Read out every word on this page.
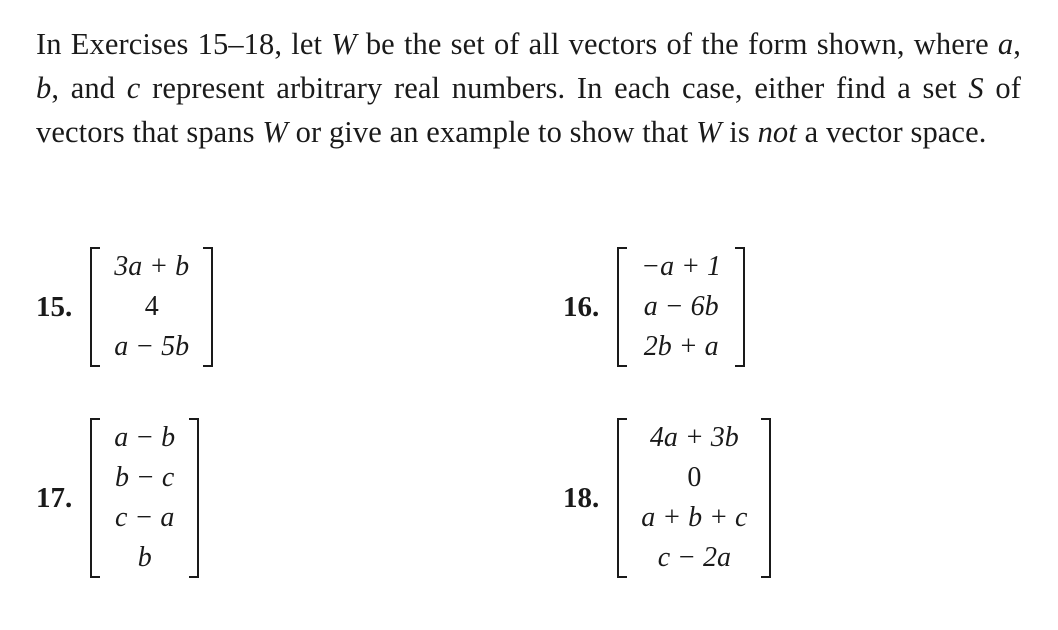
In Exercises 15–18, let W be the set of all vectors of the form shown, where a, b, and c represent arbitrary real numbers. In each case, either find a set S of vectors that spans W or give an example to show that W is not a vector space.

15.
3a + b
4
a − 5b
16.
−a + 1
a − 6b
2b + a
17.
a − b
b − c
c − a
b
18.
4a + 3b
0
a + b + c
c − 2a
